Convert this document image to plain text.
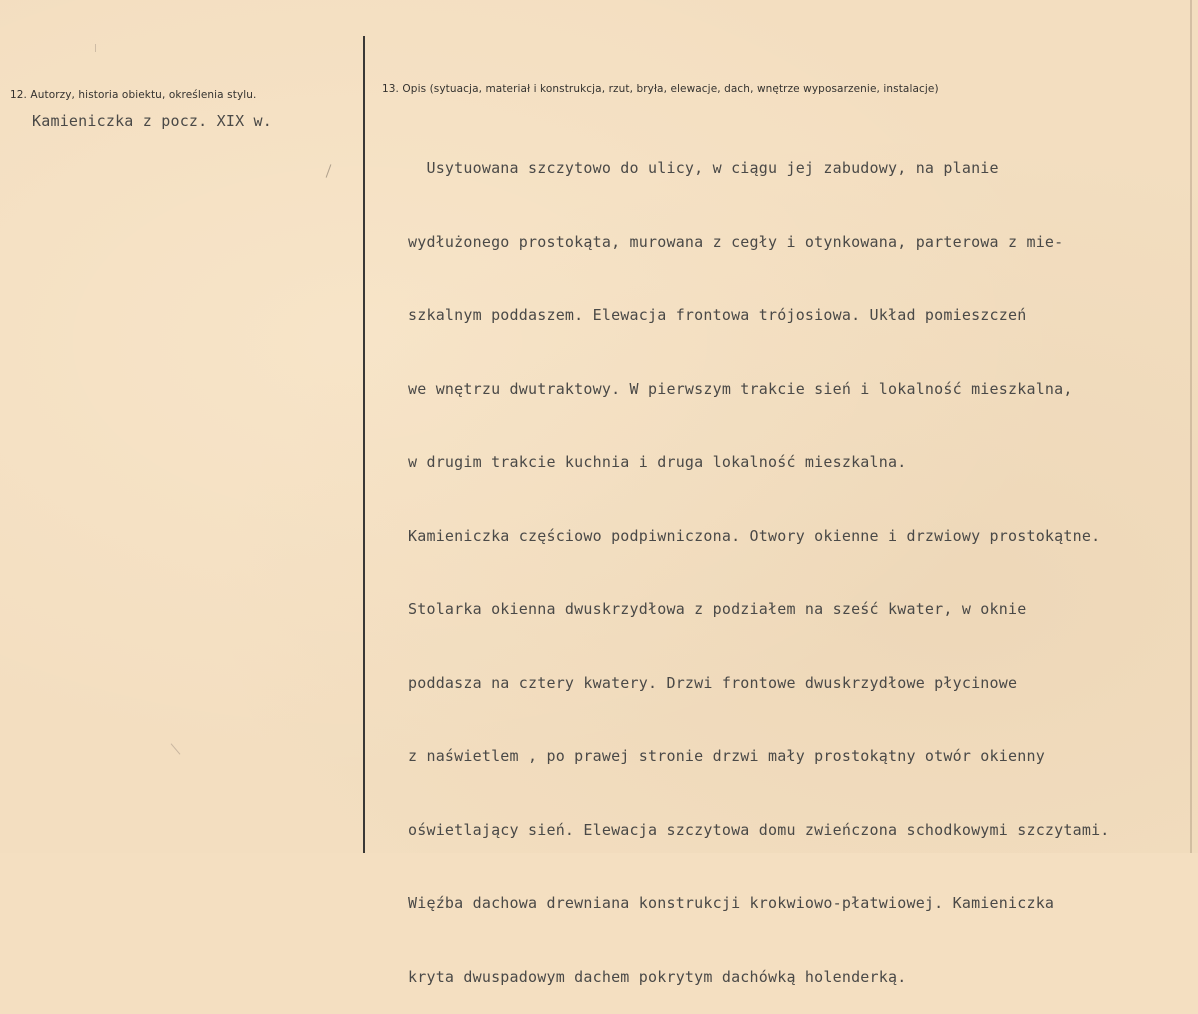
12. Autorzy, historia obiektu, określenia stylu.
Kamieniczka z pocz. XIX w.
13. Opis (sytuacja, materiał i konstrukcja, rzut, bryła, elewacje, dach, wnętrze wyposarzenie, instalacje)

Usytuowana szczytowo do ulicy, w ciągu jej zabudowy, na planie

wydłużonego prostokąta, murowana z cegły i otynkowana, parterowa z mie-

szkalnym poddaszem. Elewacja frontowa trójosiowa. Układ pomieszczeń

we wnętrzu dwutraktowy. W pierwszym trakcie sień i lokalność mieszkalna,

w drugim trakcie kuchnia i druga lokalność mieszkalna.

Kamieniczka częściowo podpiwniczona. Otwory okienne i drzwiowy prostokątne.

Stolarka okienna dwuskrzydłowa z podziałem na sześć kwater, w oknie

poddasza na cztery kwatery. Drzwi frontowe dwuskrzydłowe płycinowe

z naświetlem , po prawej stronie drzwi mały prostokątny otwór okienny

oświetlający sień. Elewacja szczytowa domu zwieńczona schodkowymi szczytami.

Więźba dachowa drewniana konstrukcji krokwiowo-płatwiowej. Kamieniczka

kryta dwuspadowym dachem pokrytym dachówką holenderką.
